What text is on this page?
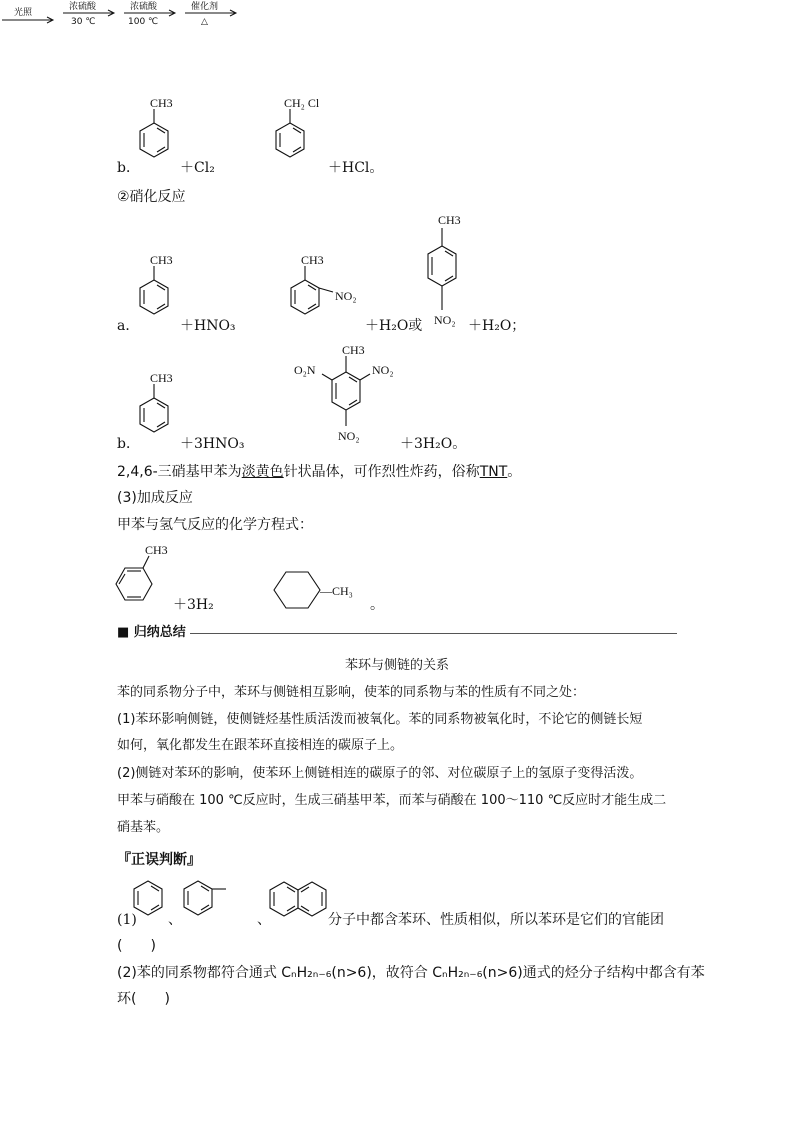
b．
CH3
＋Cl₂
光照

CH₂ Cl
＋HCl。
②硝化反应
a．
CH3
＋HNO₃
浓硫酸
30 ℃

CH3
NO₂
＋H₂O或
CH3
NO₂ ＋H₂O；
b．
CH3
＋3HNO₃
浓硫酸
100 ℃

CH3
O₂N	NO₂
NO₂	＋3H₂O。
2,4,6-三硝基甲苯为淡黄色针状晶体，可作烈性炸药，俗称TNT。
(3)加成反应
甲苯与氢气反应的化学方程式：
CH3
＋3H₂
催化剂
△
—CH₃
。
■ 归纳总结
苯环与侧链的关系
苯的同系物分子中，苯环与侧链相互影响，使苯的同系物与苯的性质有不同之处：
(1)苯环影响侧链，使侧链烃基性质活泼而被氧化。苯的同系物被氧化时，不论它的侧链长短
如何，氧化都发生在跟苯环直接相连的碳原子上。
(2)侧链对苯环的影响，使苯环上侧链相连的碳原子的邻、对位碳原子上的氢原子变得活泼。
甲苯与硝酸在 100 ℃反应时，生成三硝基甲苯，而苯与硝酸在 100～110 ℃反应时才能生成二
硝基苯。
『正误判断』
(1) 、	、	分子中都含苯环、性质相似，所以苯环是它们的官能团
(　　)
(2)苯的同系物都符合通式 CₙH₂ₙ₋₆(n>6)，故符合 CₙH₂ₙ₋₆(n>6)通式的烃分子结构中都含有苯
环(　　)
